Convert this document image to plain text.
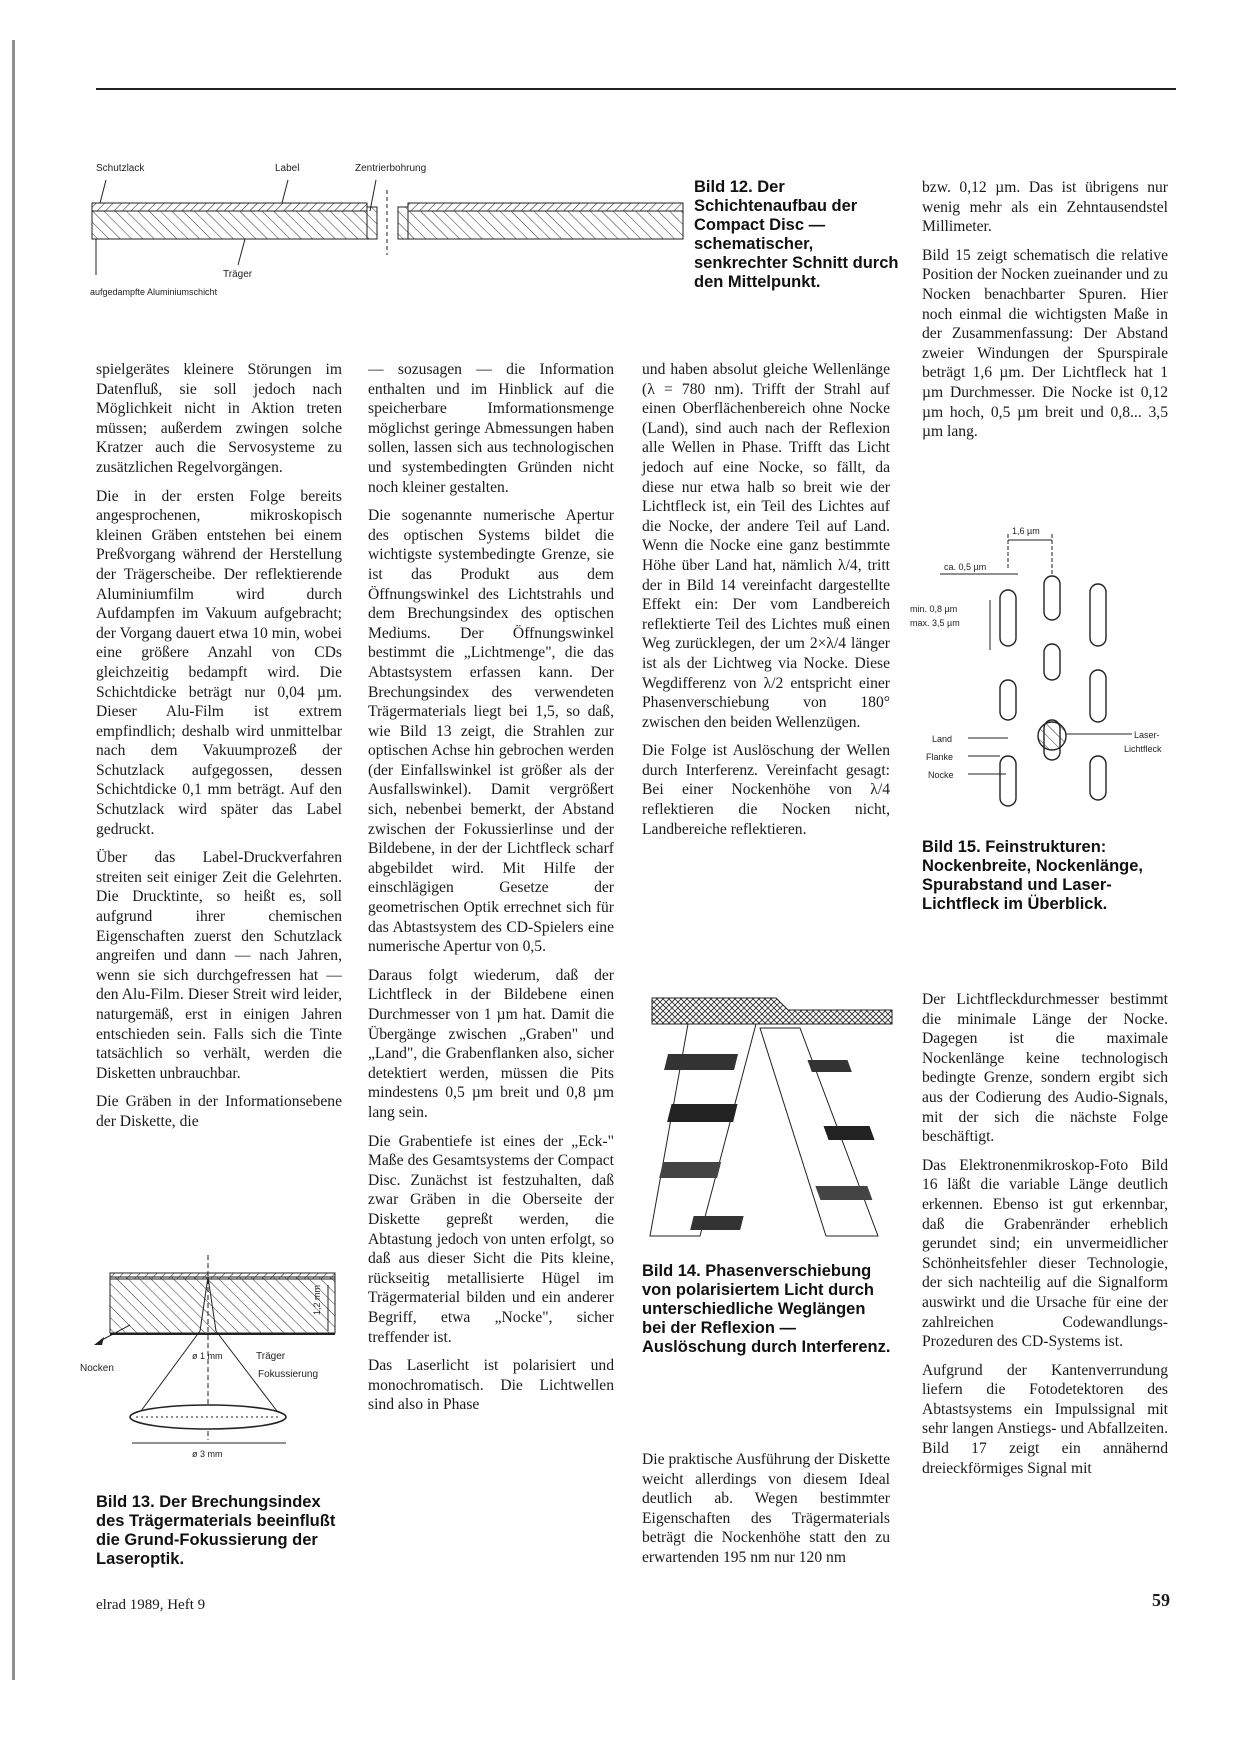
Schutzlack	Label	Zentrierbohrung
Träger
aufgedampfte Aluminiumschicht
Bild 12. Der Schichtenaufbau der Compact Disc — schematischer, senkrechter Schnitt durch den Mittelpunkt.

spielgerätes kleinere Störungen im Datenfluß, sie soll jedoch nach Möglichkeit nicht in Aktion treten müssen; außerdem zwingen solche Kratzer auch die Servosysteme zu zusätzlichen Regelvorgängen.

Die in der ersten Folge bereits angesprochenen, mikroskopisch kleinen Gräben entstehen bei einem Preßvorgang während der Herstellung der Trägerscheibe. Der reflektierende Aluminiumfilm wird durch Aufdampfen im Vakuum aufgebracht; der Vorgang dauert etwa 10 min, wobei eine größere Anzahl von CDs gleichzeitig bedampft wird. Die Schichtdicke beträgt nur 0,04 µm. Dieser Alu-Film ist extrem empfindlich; deshalb wird unmittelbar nach dem Vakuumprozeß der Schutzlack aufgegossen, dessen Schichtdicke 0,1 mm beträgt. Auf den Schutzlack wird später das Label gedruckt.

Über das Label-Druckverfahren streiten seit einiger Zeit die Gelehrten. Die Drucktinte, so heißt es, soll aufgrund ihrer chemischen Eigenschaften zuerst den Schutzlack angreifen und dann — nach Jahren, wenn sie sich durchgefressen hat — den Alu-Film. Dieser Streit wird leider, naturgemäß, erst in einigen Jahren entschieden sein. Falls sich die Tinte tatsächlich so verhält, werden die Disketten unbrauchbar.

Die Gräben in der Informationsebene der Diskette, die

1,2 mm
ø 1 mm	Träger
Nocken
Fokussierung
ø 3 mm
Bild 13. Der Brechungsindex des Trägermaterials beeinflußt die Grund-Fokussierung der Laseroptik.

— sozusagen — die Information enthalten und im Hinblick auf die speicherbare Imformationsmenge möglichst geringe Abmessungen haben sollen, lassen sich aus technologischen und systembedingten Gründen nicht noch kleiner gestalten.

Die sogenannte numerische Apertur des optischen Systems bildet die wichtigste systembedingte Grenze, sie ist das Produkt aus dem Öffnungswinkel des Lichtstrahls und dem Brechungsindex des optischen Mediums. Der Öffnungswinkel bestimmt die „Lichtmenge", die das Abtastsystem erfassen kann. Der Brechungsindex des verwendeten Trägermaterials liegt bei 1,5, so daß, wie Bild 13 zeigt, die Strahlen zur optischen Achse hin gebrochen werden (der Einfallswinkel ist größer als der Ausfallswinkel). Damit vergrößert sich, nebenbei bemerkt, der Abstand zwischen der Fokussierlinse und der Bildebene, in der der Lichtfleck scharf abgebildet wird. Mit Hilfe der einschlägigen Gesetze der geometrischen Optik errechnet sich für das Abtastsystem des CD-Spielers eine numerische Apertur von 0,5.

Daraus folgt wiederum, daß der Lichtfleck in der Bildebene einen Durchmesser von 1 µm hat. Damit die Übergänge zwischen „Graben" und „Land", die Grabenflanken also, sicher detektiert werden, müssen die Pits mindestens 0,5 µm breit und 0,8 µm lang sein.

Die Grabentiefe ist eines der „Eck-" Maße des Gesamtsystems der Compact Disc. Zunächst ist festzuhalten, daß zwar Gräben in die Oberseite der Diskette gepreßt werden, die Abtastung jedoch von unten erfolgt, so daß aus dieser Sicht die Pits kleine, rückseitig metallisierte Hügel im Trägermaterial bilden und ein anderer Begriff, etwa „Nocke", sicher treffender ist.

Das Laserlicht ist polarisiert und monochromatisch. Die Lichtwellen sind also in Phase

und haben absolut gleiche Wellenlänge (λ = 780 nm). Trifft der Strahl auf einen Oberflächenbereich ohne Nocke (Land), sind auch nach der Reflexion alle Wellen in Phase. Trifft das Licht jedoch auf eine Nocke, so fällt, da diese nur etwa halb so breit wie der Lichtfleck ist, ein Teil des Lichtes auf die Nocke, der andere Teil auf Land. Wenn die Nocke eine ganz bestimmte Höhe über Land hat, nämlich λ/4, tritt der in Bild 14 vereinfacht dargestellte Effekt ein: Der vom Landbereich reflektierte Teil des Lichtes muß einen Weg zurücklegen, der um 2×λ/4 länger ist als der Lichtweg via Nocke. Diese Wegdifferenz von λ/2 entspricht einer Phasenverschiebung von 180° zwischen den beiden Wellenzügen.

Die Folge ist Auslöschung der Wellen durch Interferenz. Vereinfacht gesagt: Bei einer Nockenhöhe von λ/4 reflektieren die Nocken nicht, Landbereiche reflektieren.

Bild 14. Phasenverschiebung von polarisiertem Licht durch unterschiedliche Weglängen bei der Reflexion — Auslöschung durch Interferenz.

Die praktische Ausführung der Diskette weicht allerdings von diesem Ideal deutlich ab. Wegen bestimmter Eigenschaften des Trägermaterials beträgt die Nockenhöhe statt den zu erwartenden 195 nm nur 120 nm

bzw. 0,12 µm. Das ist übrigens nur wenig mehr als ein Zehntausendstel Millimeter.

Bild 15 zeigt schematisch die relative Position der Nocken zueinander und zu Nocken benachbarter Spuren. Hier noch einmal die wichtigsten Maße in der Zusammenfassung: Der Abstand zweier Windungen der Spurspirale beträgt 1,6 µm. Der Lichtfleck hat 1 µm Durchmesser. Die Nocke ist 0,12 µm hoch, 0,5 µm breit und 0,8... 3,5 µm lang.

1,6 µm
ca. 0,5 µm
min. 0,8 µm
max. 3,5 µm
Land
Flanke
Nocke
Laser-
Lichtfleck
Bild 15. Feinstrukturen: Nockenbreite, Nockenlänge, Spurabstand und Laser-Lichtfleck im Überblick.

Der Lichtfleckdurchmesser bestimmt die minimale Länge der Nocke. Dagegen ist die maximale Nockenlänge keine technologisch bedingte Grenze, sondern ergibt sich aus der Codierung des Audio-Signals, mit der sich die nächste Folge beschäftigt.

Das Elektronenmikroskop-Foto Bild 16 läßt die variable Länge deutlich erkennen. Ebenso ist gut erkennbar, daß die Grabenränder erheblich gerundet sind; ein unvermeidlicher Schönheitsfehler dieser Technologie, der sich nachteilig auf die Signalform auswirkt und die Ursache für eine der zahlreichen Codewandlungs-Prozeduren des CD-Systems ist.

Aufgrund der Kantenverrundung liefern die Fotodetektoren des Abtastsystems ein Impulssignal mit sehr langen Anstiegs- und Abfallzeiten. Bild 17 zeigt ein annähernd dreieckförmiges Signal mit

elrad 1989, Heft 9	59
